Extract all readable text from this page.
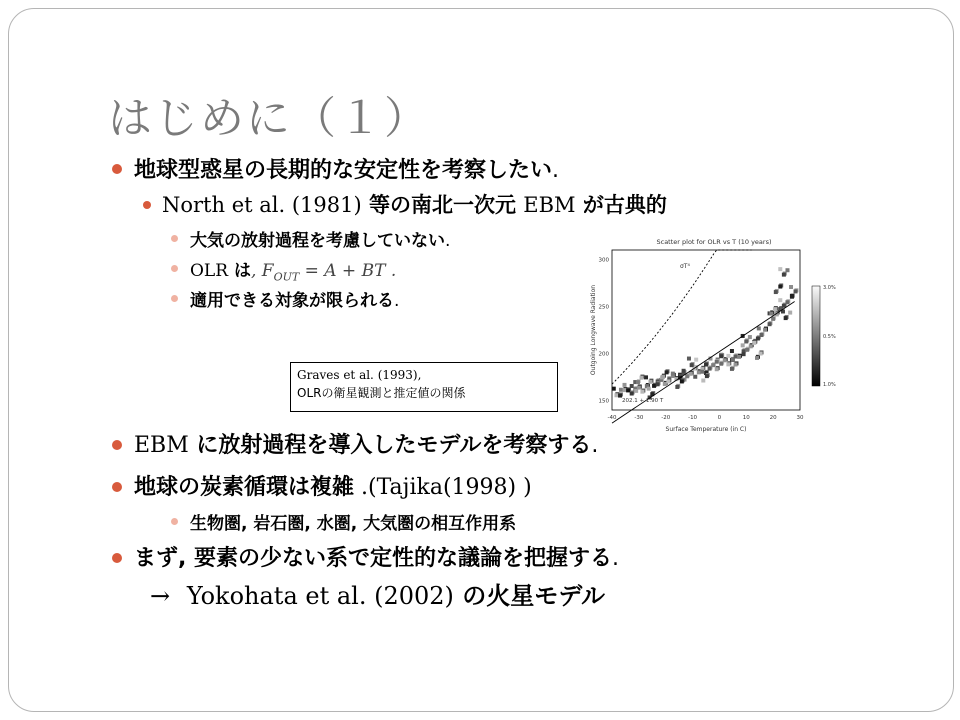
はじめに（１）
地球型惑星の長期的な安定性を考察したい.
North et al. (1981) 等の南北一次元 EBM が古典的
大気の放射過程を考慮していない.
OLR は, $F_{OUT} = A$ + BT .
適用できる対象が限られる.
Graves et al. (1993),
OLRの衛星観測と推定値の関係
Scatter plot for OLR vs T (10 years)
Outgoing Longwave Radiation
Surface Temperature (in C)
150
200
250
300
-40	-30	-20	-10	0	10	20	30
σT⁴
202.1 + 1.90 T
3.0%
0.5%
1.0%
EBM に放射過程を導入したモデルを考察する.
地球の炭素循環は複雑 .(Tajika(1998) )
生物圏, 岩石圏, 水圏, 大気圏の相互作用系
まず, 要素の少ない系で定性的な議論を把握する.
→ Yokohata et al. (2002) の火星モデル
